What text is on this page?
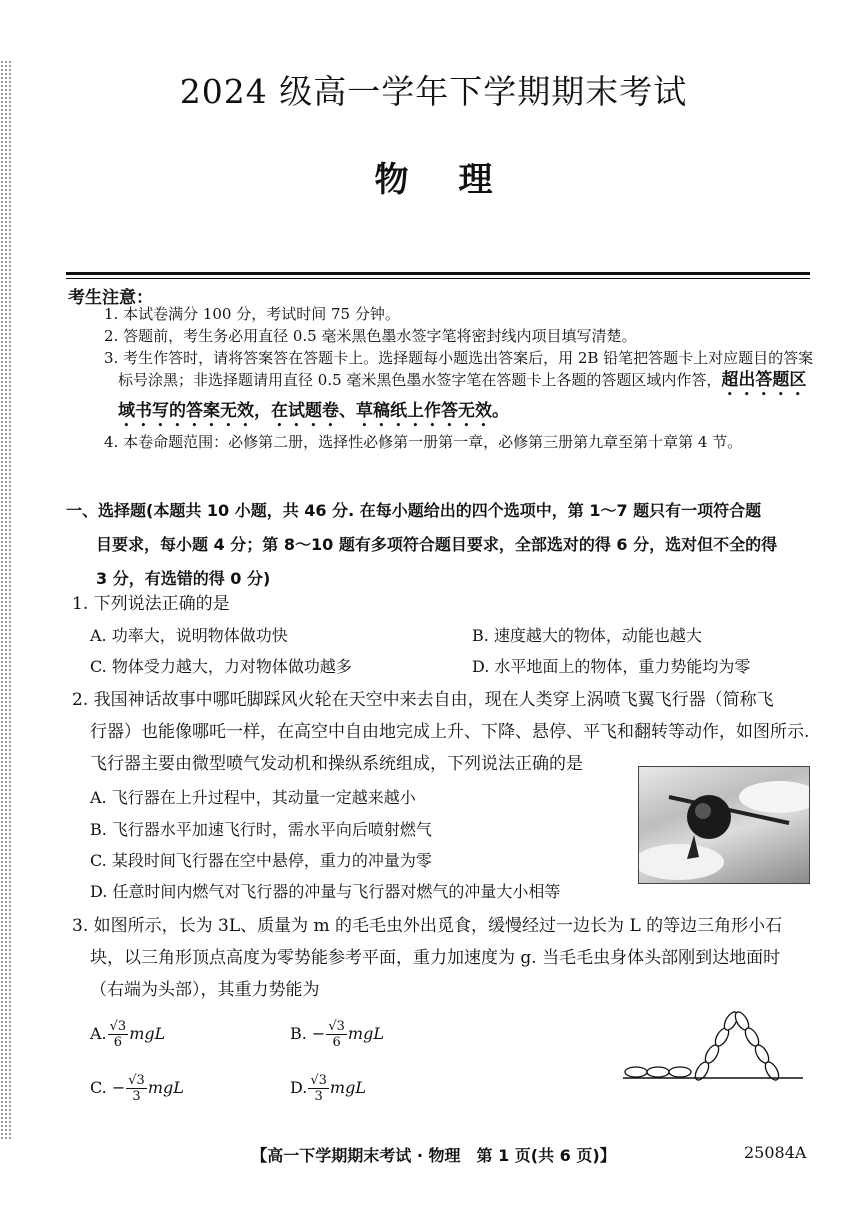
2024 级高一学年下学期期末考试
物理
考生注意：
1. 本试卷满分 100 分，考试时间 75 分钟。
2. 答题前，考生务必用直径 0.5 毫米黑色墨水签字笔将密封线内项目填写清楚。
3. 考生作答时，请将答案答在答题卡上。选择题每小题选出答案后，用 2B 铅笔把答题卡上对应题目的答案标号涂黑；非选择题请用直径 0.5 毫米黑色墨水签字笔在答题卡上各题的答题区域内作答，超出答题区域书写的答案无效，在试题卷、草稿纸上作答无效。
4. 本卷命题范围：必修第二册，选择性必修第一册第一章，必修第三册第九章至第十章第 4 节。
一、选择题(本题共 10 小题，共 46 分. 在每小题给出的四个选项中，第 1～7 题只有一项符合题
目要求，每小题 4 分；第 8～10 题有多项符合题目要求，全部选对的得 6 分，选对但不全的得
3 分，有选错的得 0 分)
1. 下列说法正确的是
A. 功率大，说明物体做功快	B. 速度越大的物体，动能也越大
C. 物体受力越大，力对物体做功越多	D. 水平地面上的物体，重力势能均为零
2. 我国神话故事中哪吒脚踩风火轮在天空中来去自由，现在人类穿上涡喷飞翼飞行器（简称飞
行器）也能像哪吒一样，在高空中自由地完成上升、下降、悬停、平飞和翻转等动作，如图所示.
飞行器主要由微型喷气发动机和操纵系统组成，下列说法正确的是
A. 飞行器在上升过程中，其动量一定越来越小
B. 飞行器水平加速飞行时，需水平向后喷射燃气
C. 某段时间飞行器在空中悬停，重力的冲量为零
D. 任意时间内燃气对飞行器的冲量与飞行器对燃气的冲量大小相等
3. 如图所示，长为 3L、质量为 m 的毛毛虫外出觅食，缓慢经过一边长为 L 的等边三角形小石
块，以三角形顶点高度为零势能参考平面，重力加速度为 g. 当毛毛虫身体头部刚到达地面时
（右端为头部），其重力势能为
A. $\frac{√3}{6}$ mgL	B. − $\frac{√3}{6}$ mgL
C. − $\frac{√3}{3}$ mgL	D. $\frac{√3}{3}$ mgL
【高一下学期期末考试 · 物理　第 1 页(共 6 页)】	25084A
